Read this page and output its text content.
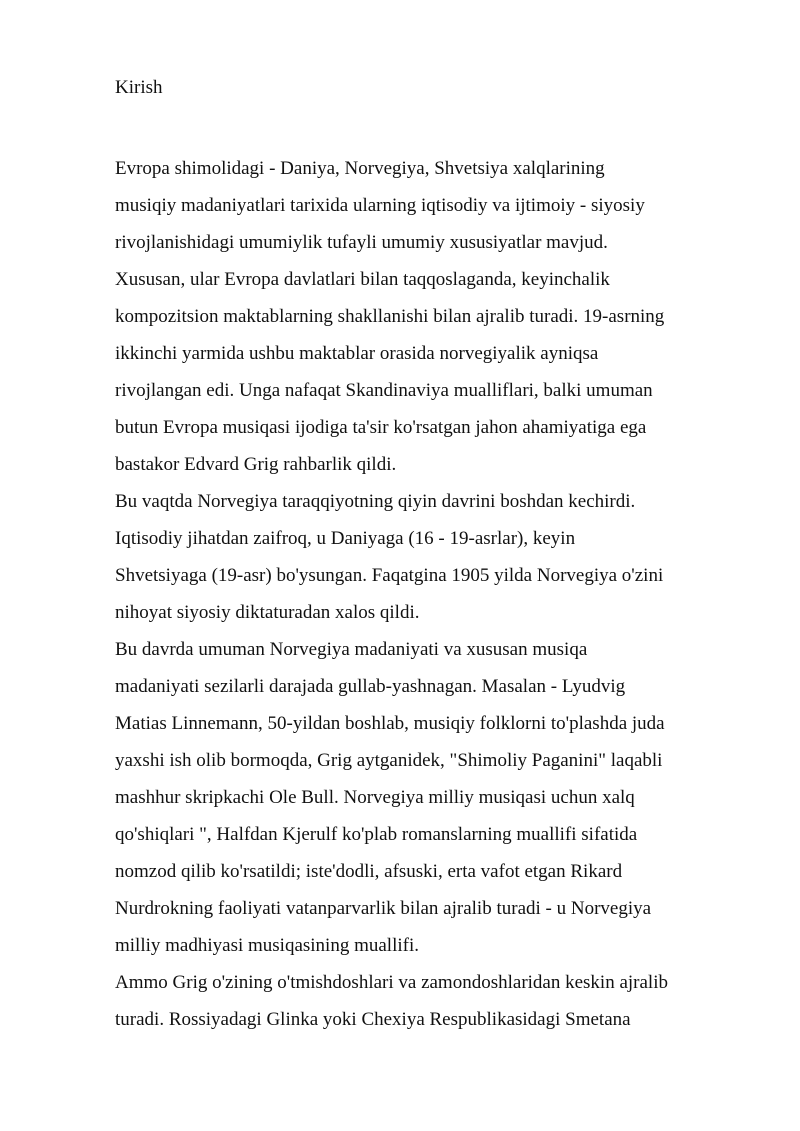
Kirish
Evropa shimolidagi - Daniya, Norvegiya, Shvetsiya xalqlarining
musiqiy madaniyatlari tarixida ularning iqtisodiy va ijtimoiy - siyosiy
rivojlanishidagi umumiylik tufayli umumiy xususiyatlar mavjud.
Xususan, ular Evropa davlatlari bilan taqqoslaganda, keyinchalik
kompozitsion maktablarning shakllanishi bilan ajralib turadi. 19-asrning
ikkinchi yarmida ushbu maktablar orasida norvegiyalik ayniqsa
rivojlangan edi. Unga nafaqat Skandinaviya mualliflari, balki umuman
butun Evropa musiqasi ijodiga ta'sir ko'rsatgan jahon ahamiyatiga ega
bastakor Edvard Grig rahbarlik qildi.
Bu vaqtda Norvegiya taraqqiyotning qiyin davrini boshdan kechirdi.
Iqtisodiy jihatdan zaifroq, u Daniyaga (16 - 19-asrlar), keyin
Shvetsiyaga (19-asr) bo'ysungan. Faqatgina 1905 yilda Norvegiya o'zini
nihoyat siyosiy diktaturadan xalos qildi.
Bu davrda umuman Norvegiya madaniyati va xususan musiqa
madaniyati sezilarli darajada gullab-yashnagan. Masalan - Lyudvig
Matias Linnemann, 50-yildan boshlab, musiqiy folklorni to'plashda juda
yaxshi ish olib bormoqda, Grig aytganidek, "Shimoliy Paganini" laqabli
mashhur skripkachi Ole Bull. Norvegiya milliy musiqasi uchun xalq
qo'shiqlari ", Halfdan Kjerulf ko'plab romanslarning muallifi sifatida
nomzod qilib ko'rsatildi; iste'dodli, afsuski, erta vafot etgan Rikard
Nurdrokning faoliyati vatanparvarlik bilan ajralib turadi - u Norvegiya
milliy madhiyasi musiqasining muallifi.
Ammo Grig o'zining o'tmishdoshlari va zamondoshlaridan keskin ajralib
turadi. Rossiyadagi Glinka yoki Chexiya Respublikasidagi Smetana
